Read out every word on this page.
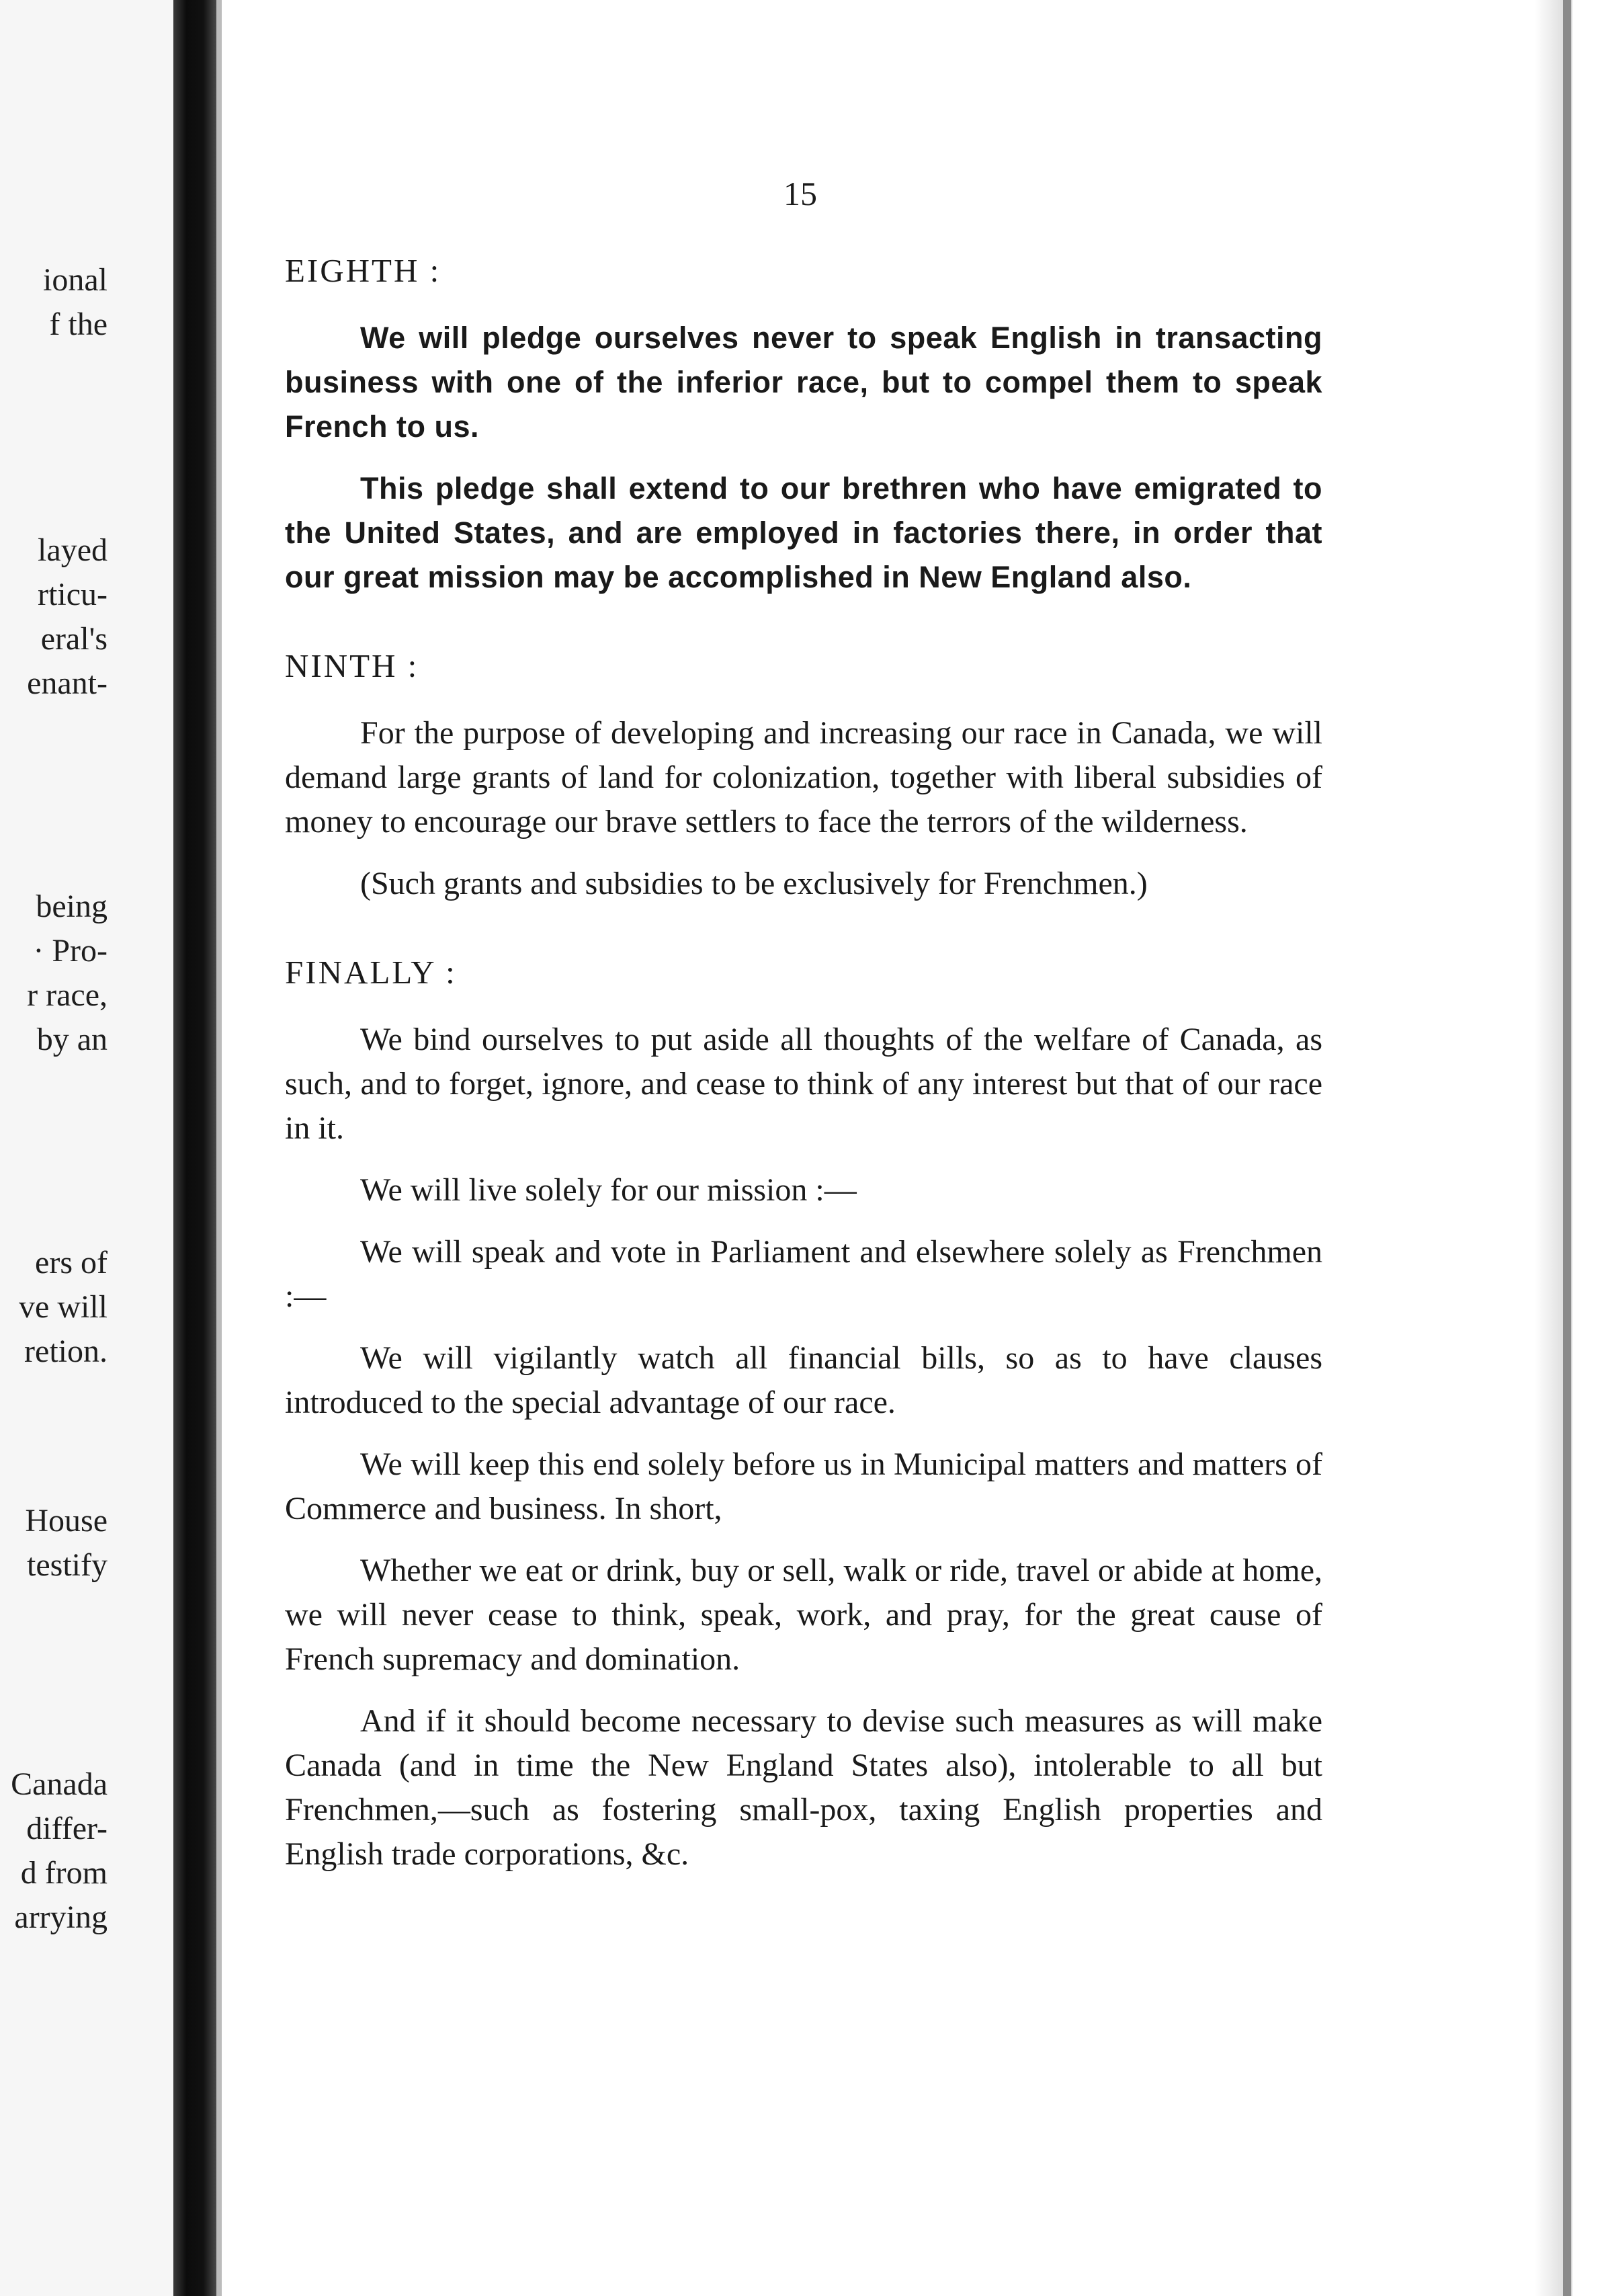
ional
f the
layed
rticu-
eral's
enant-
being
· Pro-
r race,
by an
ers of
ve will
retion.
House
testify
Canada
differ-
d from
arrying
15
EIGHTH :

We will pledge ourselves never to speak English in transacting business with one of the inferior race, but to compel them to speak French to us.

This pledge shall extend to our brethren who have emigrated to the United States, and are employed in factories there, in order that our great mission may be accomplished in New England also.

NINTH :

For the purpose of developing and increasing our race in Canada, we will demand large grants of land for colonization, together with liberal subsidies of money to encourage our brave settlers to face the terrors of the wilderness.

(Such grants and subsidies to be exclusively for Frenchmen.)

FINALLY :

We bind ourselves to put aside all thoughts of the welfare of Canada, as such, and to forget, ignore, and cease to think of any interest but that of our race in it.

We will live solely for our mission :—

We will speak and vote in Parliament and elsewhere solely as Frenchmen :—

We will vigilantly watch all financial bills, so as to have clauses introduced to the special advantage of our race.

We will keep this end solely before us in Municipal matters and matters of Commerce and business. In short,

Whether we eat or drink, buy or sell, walk or ride, travel or abide at home, we will never cease to think, speak, work, and pray, for the great cause of French supremacy and domination.

And if it should become necessary to devise such measures as will make Canada (and in time the New England States also), intolerable to all but Frenchmen,—such as fostering small-pox, taxing English properties and English trade corporations, &c.
